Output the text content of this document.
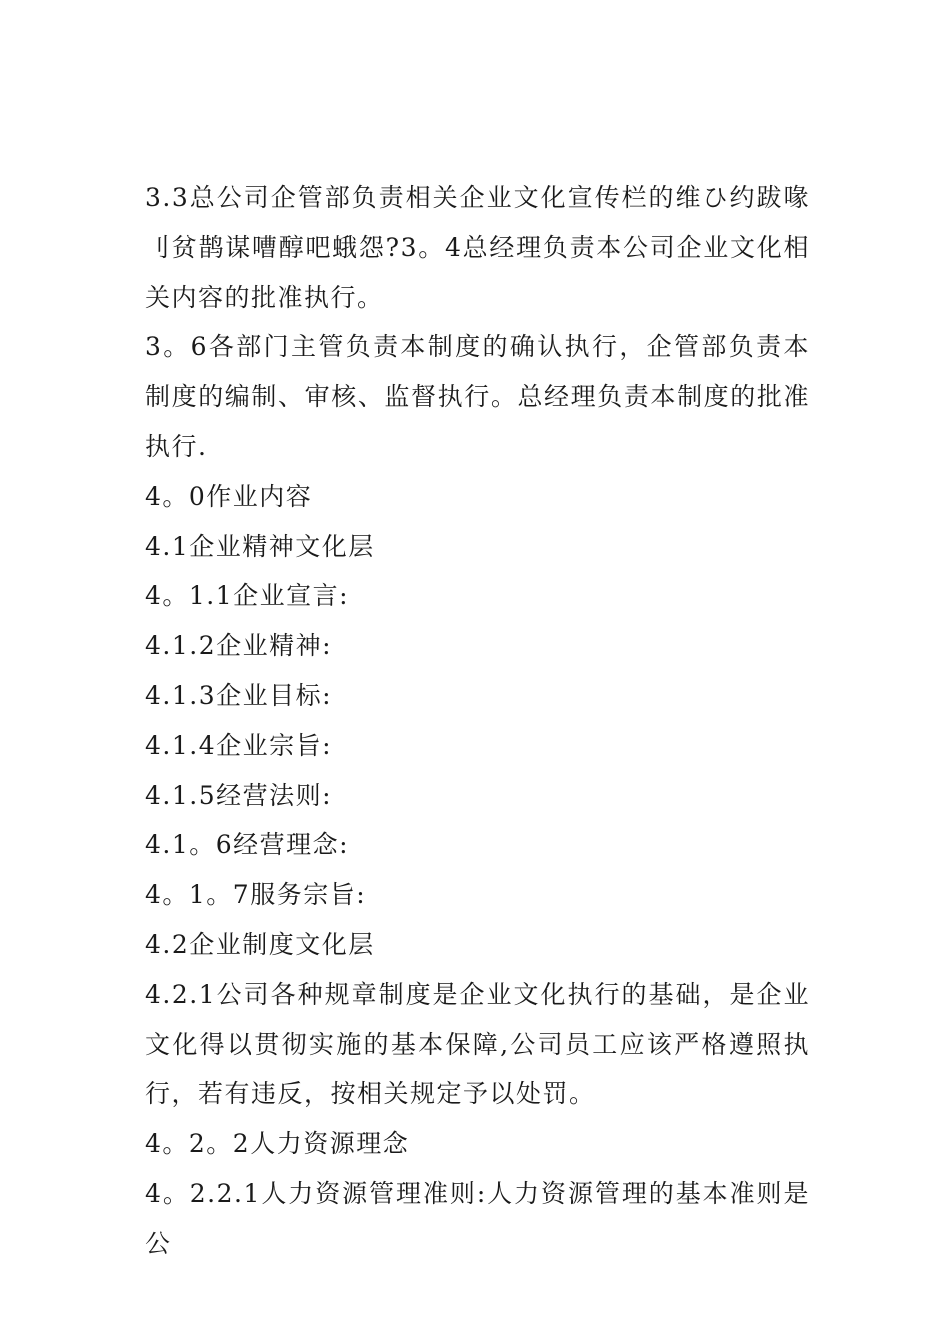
3.3总公司企管部负责相关企业文化宣传栏的维ひ约跋喙刂贫鹊谋嘈醇吧蛾怨?3。4总经理负责本公司企业文化相关内容的批准执行。

3。6各部门主管负责本制度的确认执行，企管部负责本制度的编制、审核、监督执行。总经理负责本制度的批准执行.

4。0作业内容

4.1企业精神文化层

4。1.1企业宣言:

4.1.2企业精神:

4.1.3企业目标:

4.1.4企业宗旨:

4.1.5经营法则:

4.1。6经营理念:

4。1。7服务宗旨:

4.2企业制度文化层

4.2.1公司各种规章制度是企业文化执行的基础，是企业文化得以贯彻实施的基本保障,公司员工应该严格遵照执行，若有违反，按相关规定予以处罚。

4。2。2人力资源理念

4。2.2.1人力资源管理准则:人力资源管理的基本准则是公
